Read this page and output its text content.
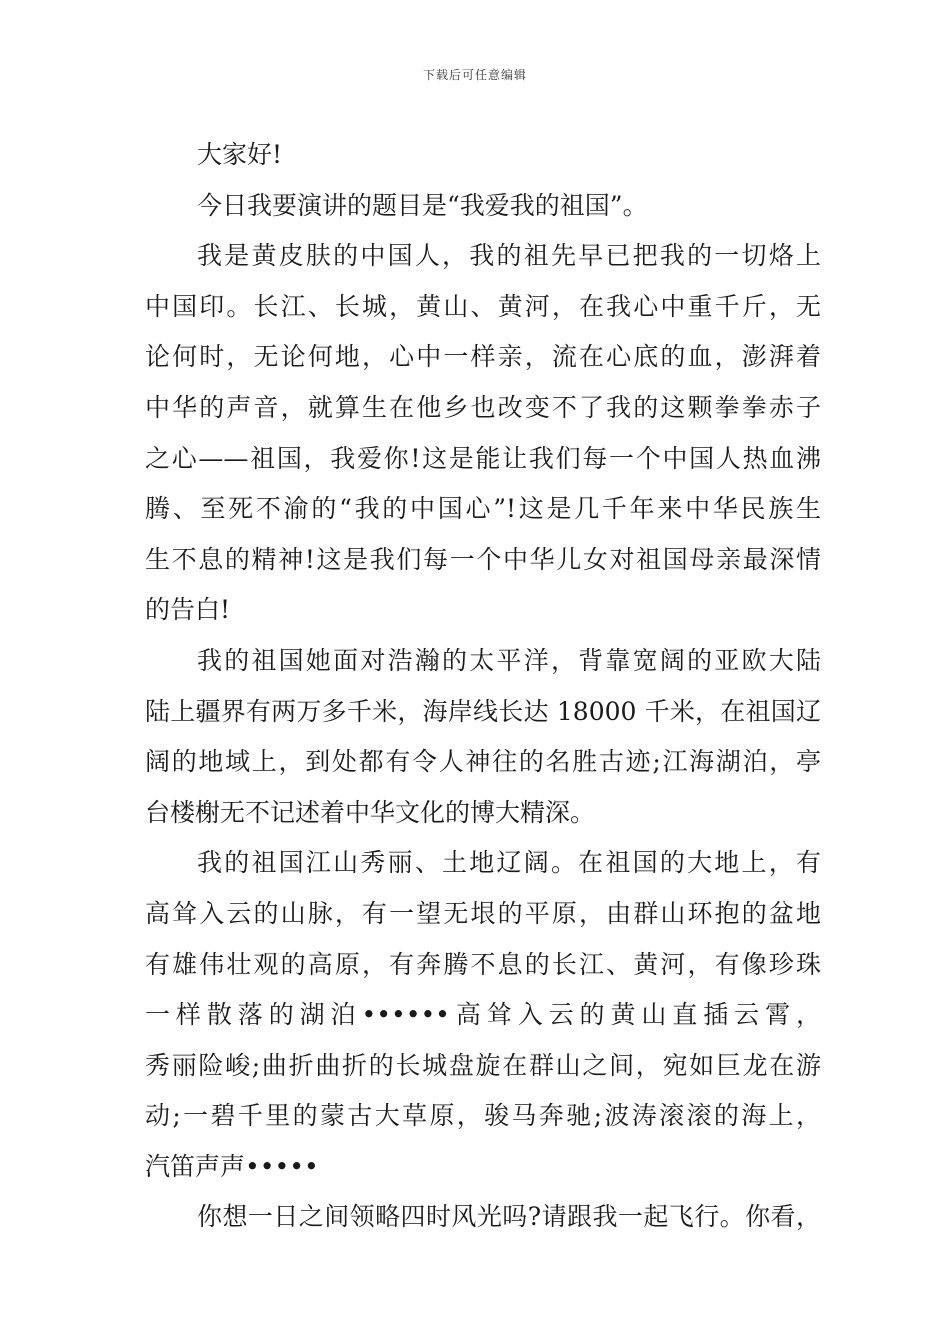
下载后可任意编辑
大家好!
今日我要演讲的题目是“我爱我的祖国”。
我是黄皮肤的中国人，我的祖先早已把我的一切烙上
中国印。长江、长城，黄山、黄河，在我心中重千斤，无
论何时，无论何地，心中一样亲，流在心底的血，澎湃着
中华的声音，就算生在他乡也改变不了我的这颗拳拳赤子
之心——祖国，我爱你!这是能让我们每一个中国人热血沸
腾、至死不渝的“我的中国心”!这是几千年来中华民族生
生不息的精神!这是我们每一个中华儿女对祖国母亲最深情
的告白!
我的祖国她面对浩瀚的太平洋，背靠宽阔的亚欧大陆
陆上疆界有两万多千米，海岸线长达 18000 千米，在祖国辽
阔的地域上，到处都有令人神往的名胜古迹;江海湖泊，亭
台楼榭无不记述着中华文化的博大精深。
我的祖国江山秀丽、土地辽阔。在祖国的大地上，有
高耸入云的山脉，有一望无垠的平原，由群山环抱的盆地
有雄伟壮观的高原，有奔腾不息的长江、黄河，有像珍珠
一样散落的湖泊••••••高耸入云的黄山直插云霄，
秀丽险峻;曲折曲折的长城盘旋在群山之间，宛如巨龙在游
动;一碧千里的蒙古大草原，骏马奔驰;波涛滚滚的海上，
汽笛声声•••••
你想一日之间领略四时风光吗?请跟我一起飞行。你看，
